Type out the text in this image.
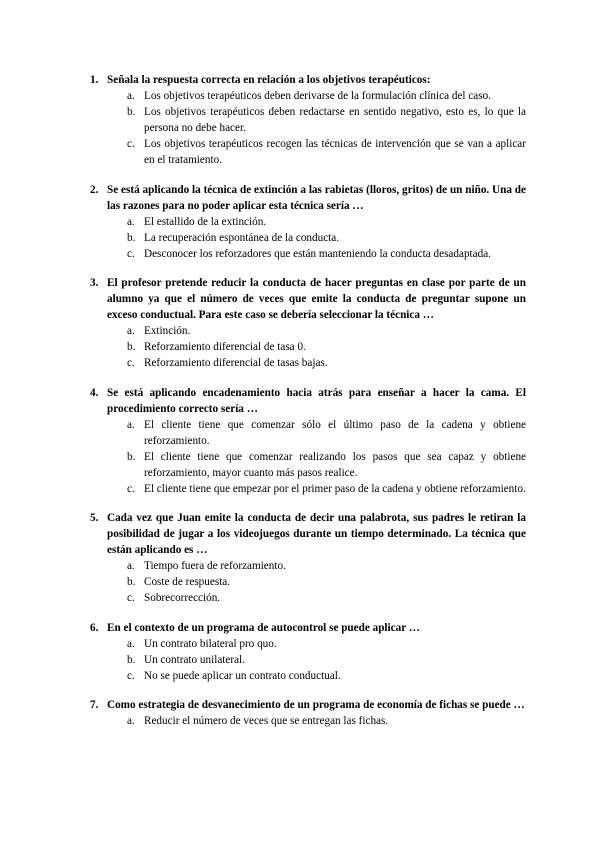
1. Señala la respuesta correcta en relación a los objetivos terapéuticos:
a. Los objetivos terapéuticos deben derivarse de la formulación clínica del caso.
b. Los objetivos terapéuticos deben redactarse en sentido negativo, esto es, lo que la persona no debe hacer.
c. Los objetivos terapéuticos recogen las técnicas de intervención que se van a aplicar en el tratamiento.
2. Se está aplicando la técnica de extinción a las rabietas (lloros, gritos) de un niño. Una de las razones para no poder aplicar esta técnica sería …
a. El estallido de la extinción.
b. La recuperación espontánea de la conducta.
c. Desconocer los reforzadores que están manteniendo la conducta desadaptada.
3. El profesor pretende reducir la conducta de hacer preguntas en clase por parte de un alumno ya que el número de veces que emite la conducta de preguntar supone un exceso conductual. Para este caso se debería seleccionar la técnica …
a. Extinción.
b. Reforzamiento diferencial de tasa 0.
c. Reforzamiento diferencial de tasas bajas.
4. Se está aplicando encadenamiento hacia atrás para enseñar a hacer la cama. El procedimiento correcto sería …
a. El cliente tiene que comenzar sólo el último paso de la cadena y obtiene reforzamiento.
b. El cliente tiene que comenzar realizando los pasos que sea capaz y obtiene reforzamiento, mayor cuanto más pasos realice.
c. El cliente tiene que empezar por el primer paso de la cadena y obtiene reforzamiento.
5. Cada vez que Juan emite la conducta de decir una palabrota, sus padres le retiran la posibilidad de jugar a los videojuegos durante un tiempo determinado. La técnica que están aplicando es …
a. Tiempo fuera de reforzamiento.
b. Coste de respuesta.
c. Sobrecorrección.
6. En el contexto de un programa de autocontrol se puede aplicar …
a. Un contrato bilateral pro quo.
b. Un contrato unilateral.
c. No se puede aplicar un contrato conductual.
7. Como estrategia de desvanecimiento de un programa de economía de fichas se puede …
a. Reducir el número de veces que se entregan las fichas.
